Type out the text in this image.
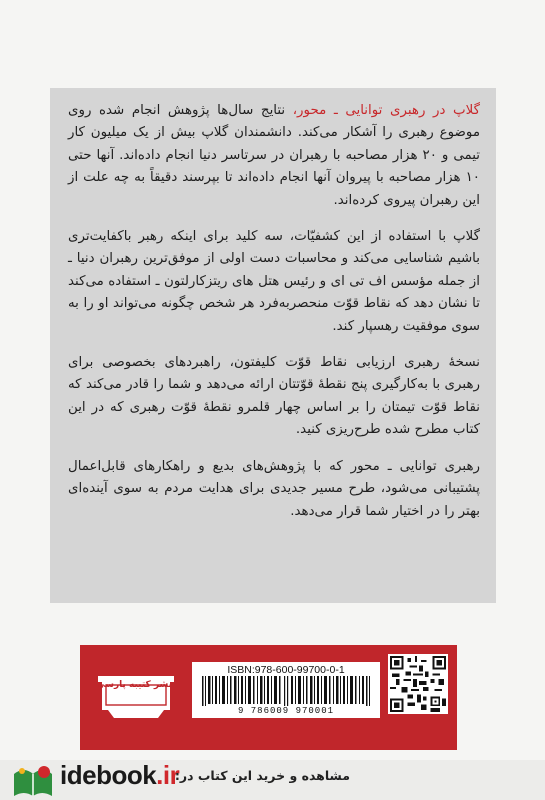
گلاپ در رهبری توانایی ـ محور، نتایج سال‌ها پژوهش انجام شده روی موضوع رهبری را آشکار می‌کند. دانشمندان گلاپ بیش از یک میلیون کار تیمی و ۲۰ هزار مصاحبه با رهبران در سرتاسر دنیا انجام داده‌اند. آنها حتی ۱۰ هزار مصاحبه با پیروان آنها انجام داده‌اند تا بپرسند دقیقاً به چه علت از این رهبران پیروی کرده‌اند.

گلاپ با استفاده از این کشفیّات، سه کلید برای اینکه رهبر باکفایت‌تری باشیم شناسایی می‌کند و محاسبات دست اولی از موفق‌ترین رهبران دنیا ـ از جمله مؤسس اف تی ای و رئیس هتل های ریتزکارلتون ـ استفاده می‌کند تا نشان دهد که نقاط قوّت منحصربه‌فرد هر شخص چگونه می‌تواند او را به سوی موفقیت رهسپار کند.

نسخهٔ رهبری ارزیابی نقاط قوّت کلیفتون، راهبردهای بخصوصی برای رهبری با به‌کارگیری پنج نقطهٔ قوّتتان ارائه می‌دهد و شما را قادر می‌کند که نقاط قوّت تیمتان را بر اساس چهار قلمرو نقطهٔ قوّت رهبری که در این کتاب مطرح شده طرح‌ریزی کنید.

رهبری توانایی ـ محور که با پژوهش‌های بدیع و راهکارهای قابل‌اعمال پشتیبانی می‌شود، طرح مسیر جدیدی برای هدایت مردم به سوی آینده‌ای بهتر را در اختیار شما قرار می‌دهد.

نشر کتیبه پارسی
ISBN:978-600-99700-0-1
9 786009 970001
idebook.ir
مشاهده و خرید این کتاب در:
